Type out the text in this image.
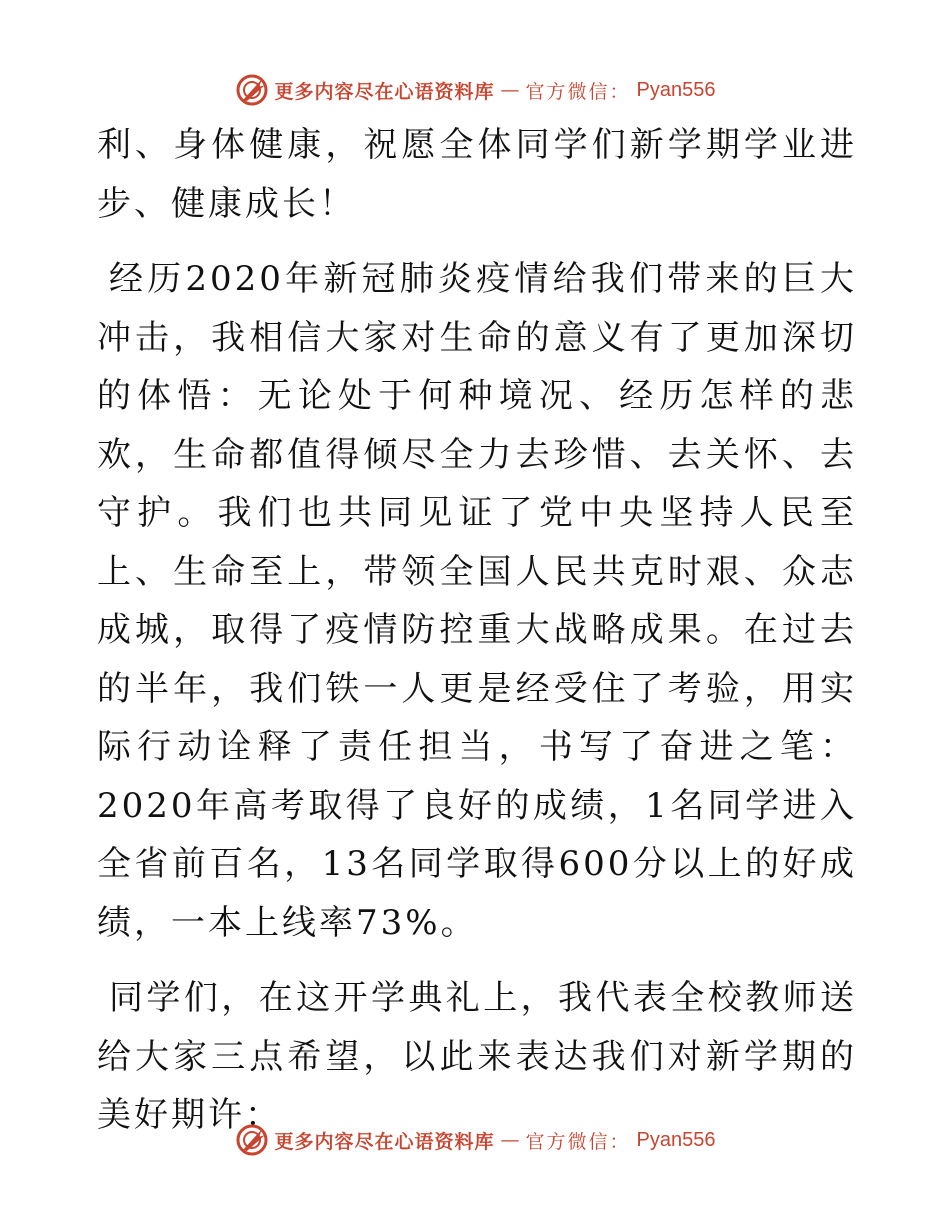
更多内容尽在心语资料库 — 官方微信： Pyan556

利、身体健康，祝愿全体同学们新学期学业进步、健康成长！

经历2020年新冠肺炎疫情给我们带来的巨大冲击，我相信大家对生命的意义有了更加深切的体悟：无论处于何种境况、经历怎样的悲欢，生命都值得倾尽全力去珍惜、去关怀、去守护。我们也共同见证了党中央坚持人民至上、生命至上，带领全国人民共克时艰、众志成城，取得了疫情防控重大战略成果。在过去的半年，我们铁一人更是经受住了考验，用实际行动诠释了责任担当，书写了奋进之笔：2020年高考取得了良好的成绩，1名同学进入全省前百名，13名同学取得600分以上的好成绩，一本上线率73%。

同学们，在这开学典礼上，我代表全校教师送给大家三点希望，以此来表达我们对新学期的美好期许：

更多内容尽在心语资料库 — 官方微信： Pyan556
